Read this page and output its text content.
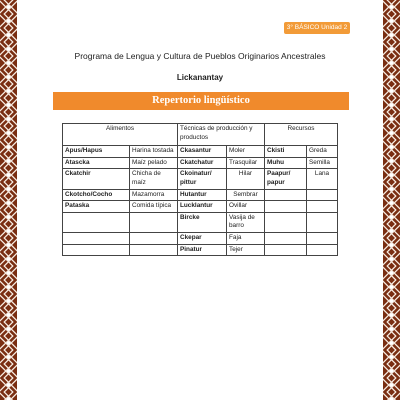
3° BÁSICO Unidad 2
Programa de Lengua y Cultura de Pueblos Originarios Ancestrales
Lickanantay
Repertorio lingüístico
Alimentos		Técnicas de producción y productos		Recursos	
Apus/Hapus	Harina tostada	Ckasantur	Moler	Ckisti	Greda
Atascka	Maíz pelado	Ckatchatur	Trasquilar	Muhu	Semilla
Ckatchir	Chicha de maíz	Ckoinatur/ pittur	Hilar	Paapur/ papur	Lana
Ckotcho/Cocho	Mazamorra	Hutantur	Sembrar		
Pataska	Comida típica	Lucklantur	Ovillar		
		Bircke	Vasija de barro		
		Ckepar	Faja		
		Pinatur	Tejer		
